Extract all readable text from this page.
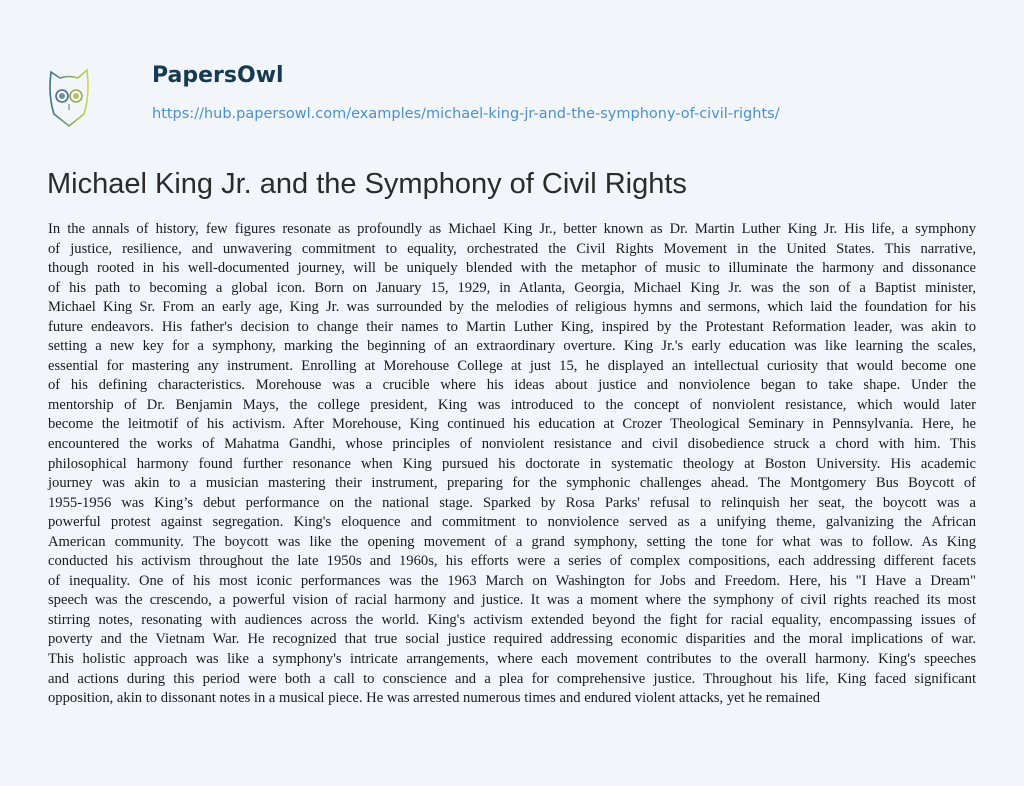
PapersOwl
https://hub.papersowl.com/examples/michael-king-jr-and-the-symphony-of-civil-rights/
Michael King Jr. and the Symphony of Civil Rights
In the annals of history, few figures resonate as profoundly as Michael King Jr., better known as Dr. Martin Luther King Jr. His life, a symphony
of justice, resilience, and unwavering commitment to equality, orchestrated the Civil Rights Movement in the United States. This narrative,
though rooted in his well-documented journey, will be uniquely blended with the metaphor of music to illuminate the harmony and dissonance
of his path to becoming a global icon. Born on January 15, 1929, in Atlanta, Georgia, Michael King Jr. was the son of a Baptist minister,
Michael King Sr. From an early age, King Jr. was surrounded by the melodies of religious hymns and sermons, which laid the foundation for his
future endeavors. His father's decision to change their names to Martin Luther King, inspired by the Protestant Reformation leader, was akin to
setting a new key for a symphony, marking the beginning of an extraordinary overture. King Jr.'s early education was like learning the scales,
essential for mastering any instrument. Enrolling at Morehouse College at just 15, he displayed an intellectual curiosity that would become one
of his defining characteristics. Morehouse was a crucible where his ideas about justice and nonviolence began to take shape. Under the
mentorship of Dr. Benjamin Mays, the college president, King was introduced to the concept of nonviolent resistance, which would later
become the leitmotif of his activism. After Morehouse, King continued his education at Crozer Theological Seminary in Pennsylvania. Here, he
encountered the works of Mahatma Gandhi, whose principles of nonviolent resistance and civil disobedience struck a chord with him. This
philosophical harmony found further resonance when King pursued his doctorate in systematic theology at Boston University. His academic
journey was akin to a musician mastering their instrument, preparing for the symphonic challenges ahead. The Montgomery Bus Boycott of
1955-1956 was King’s debut performance on the national stage. Sparked by Rosa Parks' refusal to relinquish her seat, the boycott was a
powerful protest against segregation. King's eloquence and commitment to nonviolence served as a unifying theme, galvanizing the African
American community. The boycott was like the opening movement of a grand symphony, setting the tone for what was to follow. As King
conducted his activism throughout the late 1950s and 1960s, his efforts were a series of complex compositions, each addressing different facets
of inequality. One of his most iconic performances was the 1963 March on Washington for Jobs and Freedom. Here, his "I Have a Dream"
speech was the crescendo, a powerful vision of racial harmony and justice. It was a moment where the symphony of civil rights reached its most
stirring notes, resonating with audiences across the world. King's activism extended beyond the fight for racial equality, encompassing issues of
poverty and the Vietnam War. He recognized that true social justice required addressing economic disparities and the moral implications of war.
This holistic approach was like a symphony's intricate arrangements, where each movement contributes to the overall harmony. King's speeches
and actions during this period were both a call to conscience and a plea for comprehensive justice. Throughout his life, King faced significant
opposition, akin to dissonant notes in a musical piece. He was arrested numerous times and endured violent attacks, yet he remained
